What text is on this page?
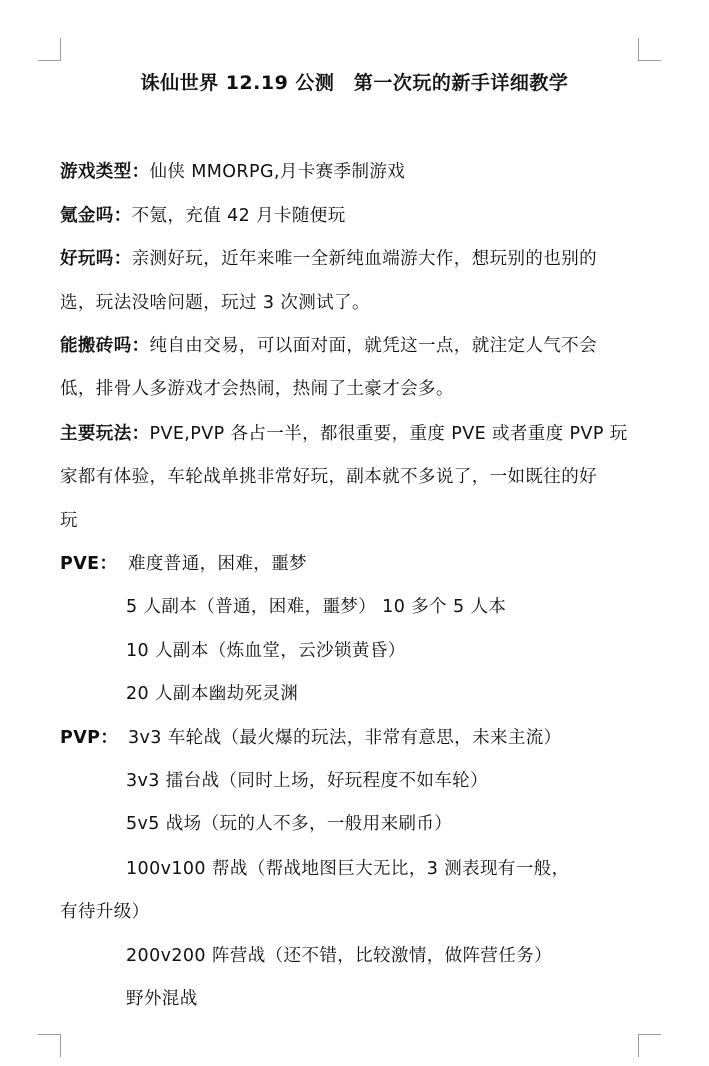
诛仙世界 12.19 公测　第一次玩的新手详细教学
游戏类型：仙侠 MMORPG,月卡赛季制游戏
氪金吗：不氪，充值 42 月卡随便玩
好玩吗：亲测好玩，近年来唯一全新纯血端游大作，想玩别的也别的
选，玩法没啥问题，玩过 3 次测试了。
能搬砖吗：纯自由交易，可以面对面，就凭这一点，就注定人气不会
低，排骨人多游戏才会热闹，热闹了土豪才会多。
主要玩法：PVE,PVP 各占一半，都很重要，重度 PVE 或者重度 PVP 玩
家都有体验，车轮战单挑非常好玩，副本就不多说了，一如既往的好
玩
PVE： 难度普通，困难，噩梦
5 人副本（普通，困难，噩梦） 10 多个 5 人本
10 人副本（炼血堂，云沙锁黄昏）
20 人副本幽劫死灵渊
PVP： 3v3 车轮战（最火爆的玩法，非常有意思，未来主流）
3v3 擂台战（同时上场，好玩程度不如车轮）
5v5 战场（玩的人不多，一般用来刷币）
100v100 帮战（帮战地图巨大无比，3 测表现有一般，
有待升级）
200v200 阵营战（还不错，比较激情，做阵营任务）
野外混战
